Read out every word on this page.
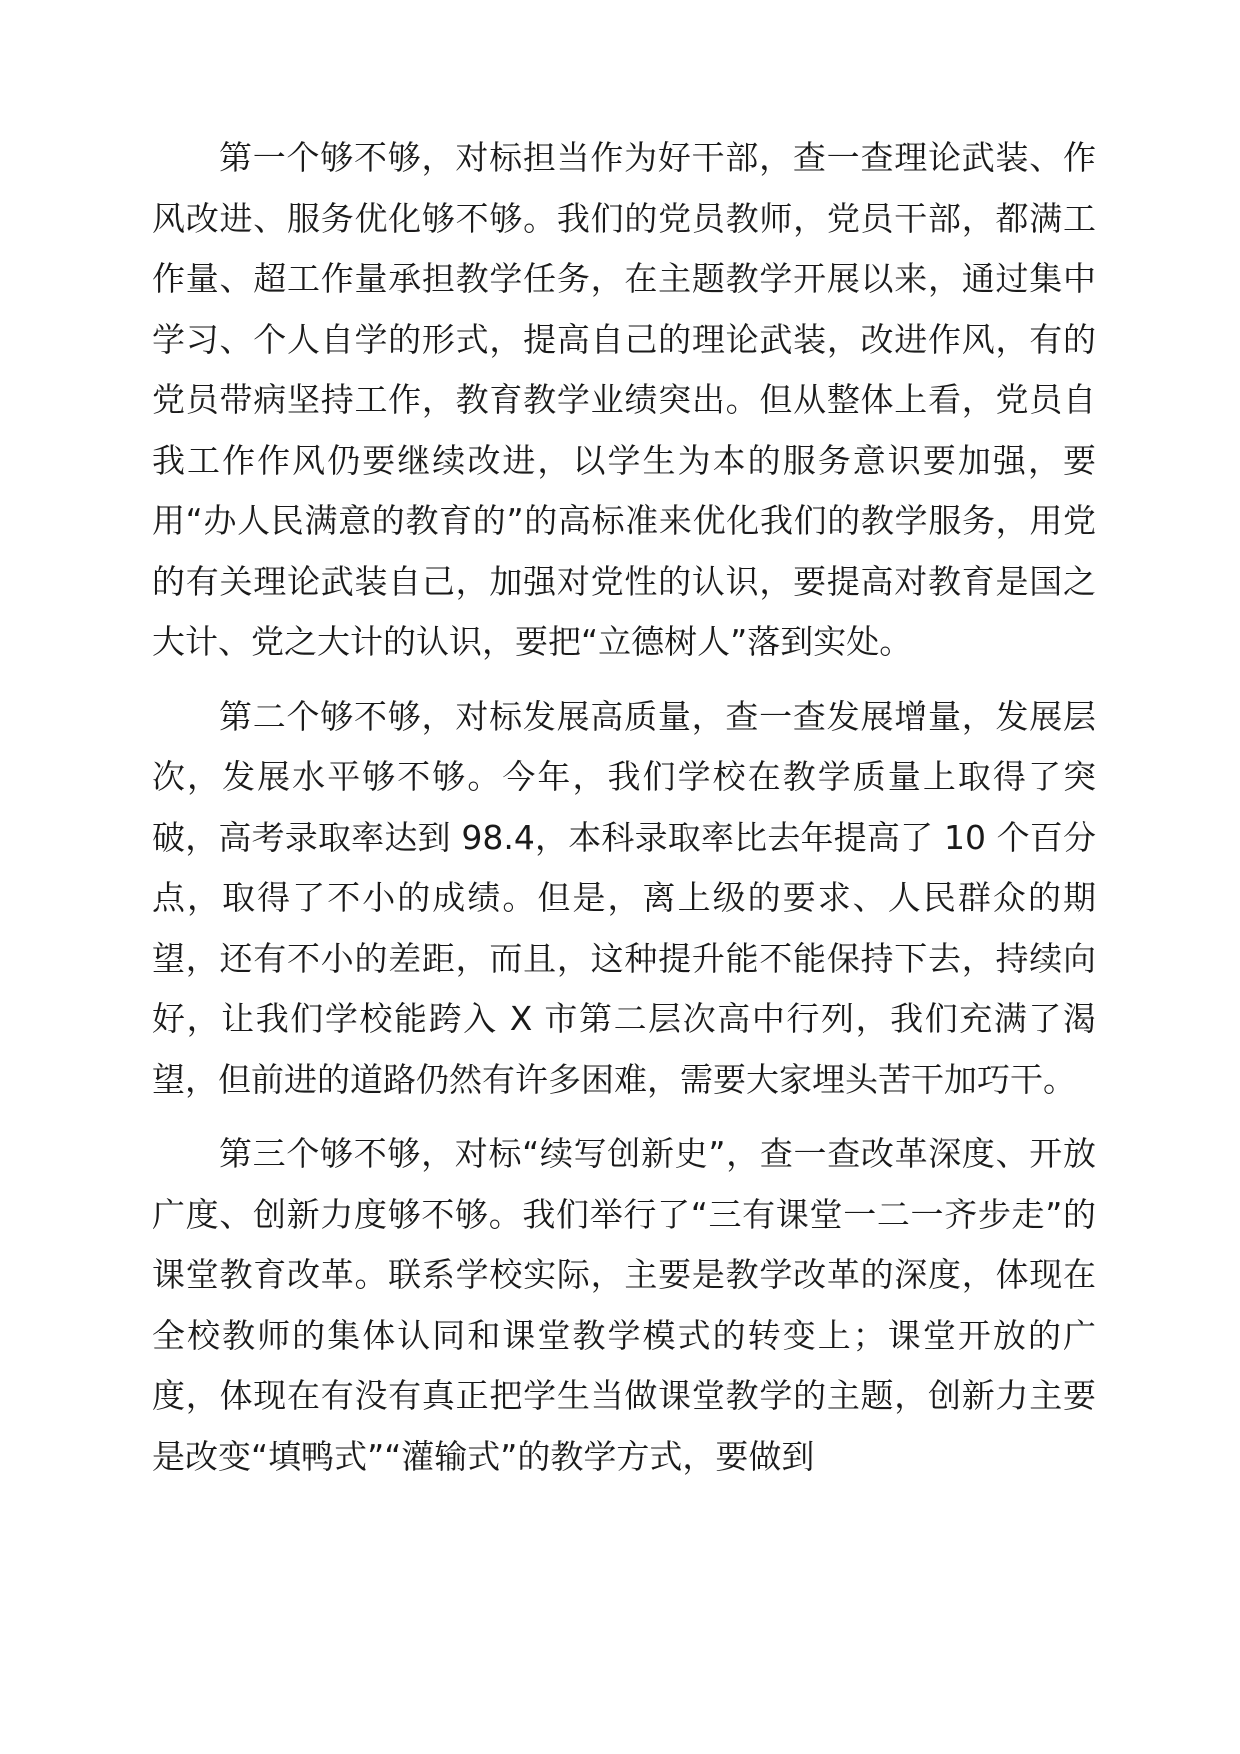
第一个够不够，对标担当作为好干部，查一查理论武装、作风改进、服务优化够不够。我们的党员教师，党员干部，都满工作量、超工作量承担教学任务，在主题教学开展以来，通过集中学习、个人自学的形式，提高自己的理论武装，改进作风，有的党员带病坚持工作，教育教学业绩突出。但从整体上看，党员自我工作作风仍要继续改进，以学生为本的服务意识要加强，要用“办人民满意的教育的”的高标准来优化我们的教学服务，用党的有关理论武装自己，加强对党性的认识，要提高对教育是国之大计、党之大计的认识，要把“立德树人”落到实处。

第二个够不够，对标发展高质量，查一查发展增量，发展层次，发展水平够不够。今年，我们学校在教学质量上取得了突破，高考录取率达到 98.4，本科录取率比去年提高了 10 个百分点，取得了不小的成绩。但是，离上级的要求、人民群众的期望，还有不小的差距，而且，这种提升能不能保持下去，持续向好，让我们学校能跨入 X 市第二层次高中行列，我们充满了渴望，但前进的道路仍然有许多困难，需要大家埋头苦干加巧干。

第三个够不够，对标“续写创新史”，查一查改革深度、开放广度、创新力度够不够。我们举行了“三有课堂一二一齐步走”的课堂教育改革。联系学校实际，主要是教学改革的深度，体现在全校教师的集体认同和课堂教学模式的转变上；课堂开放的广度，体现在有没有真正把学生当做课堂教学的主题，创新力主要是改变“填鸭式”“灌输式”的教学方式，要做到
